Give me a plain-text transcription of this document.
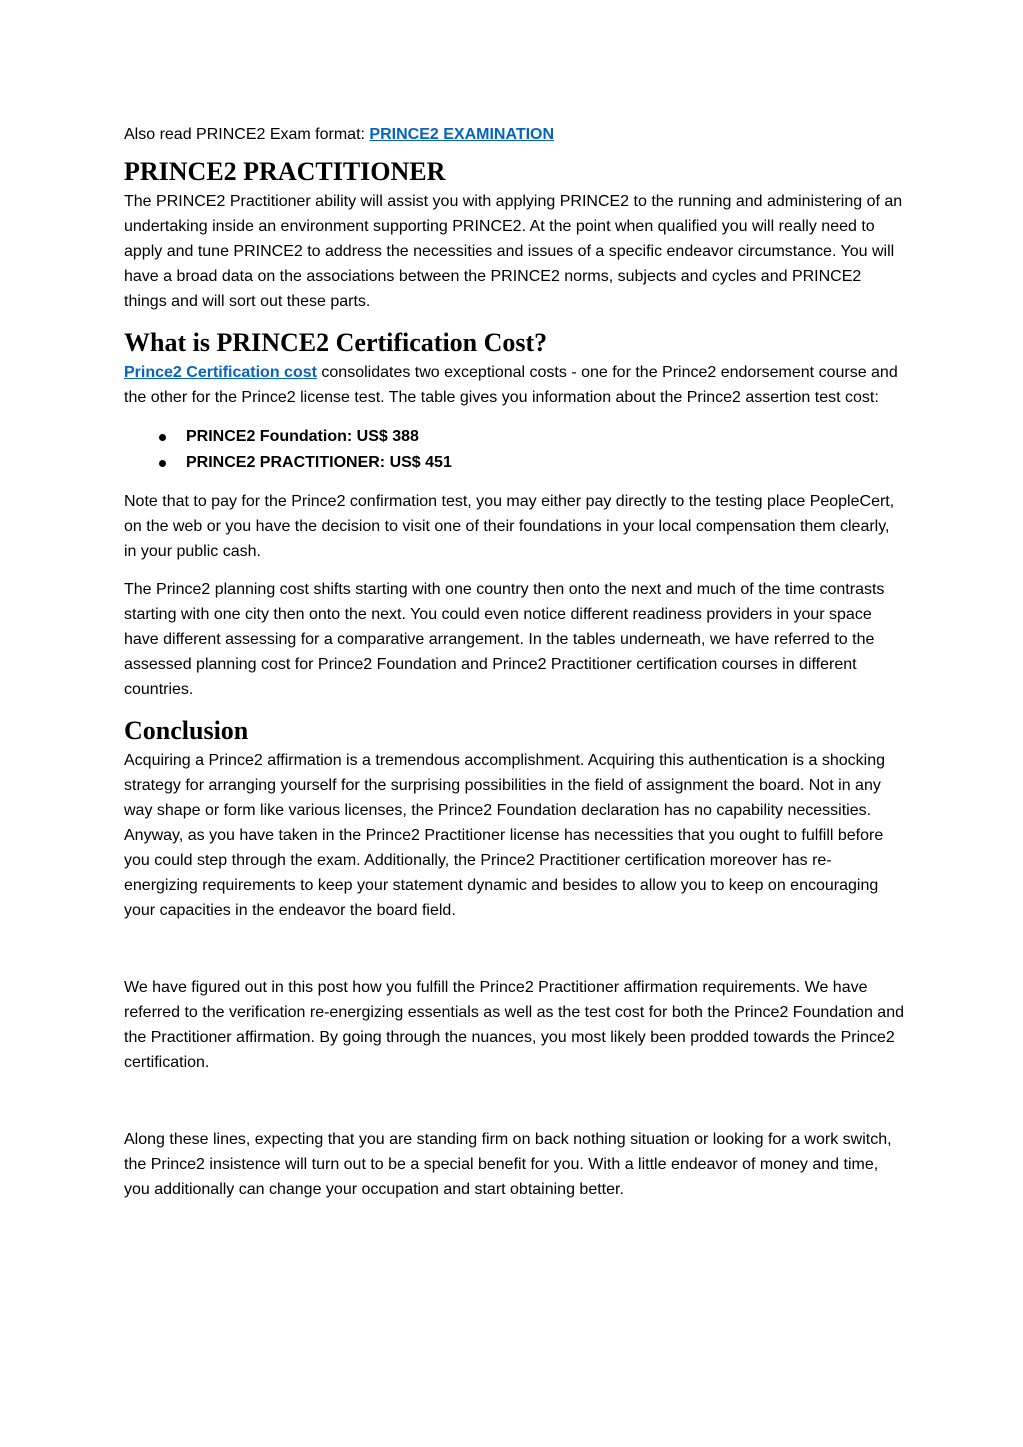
Also read PRINCE2 Exam format: PRINCE2 EXAMINATION

PRINCE2 PRACTITIONER

The PRINCE2 Practitioner ability will assist you with applying PRINCE2 to the running and administering of an undertaking inside an environment supporting PRINCE2. At the point when qualified you will really need to apply and tune PRINCE2 to address the necessities and issues of a specific endeavor circumstance. You will have a broad data on the associations between the PRINCE2 norms, subjects and cycles and PRINCE2 things and will sort out these parts.

What is PRINCE2 Certification Cost?

Prince2 Certification cost consolidates two exceptional costs - one for the Prince2 endorsement course and the other for the Prince2 license test. The table gives you information about the Prince2 assertion test cost:

PRINCE2 Foundation: US$ 388
PRINCE2 PRACTITIONER: US$ 451

Note that to pay for the Prince2 confirmation test, you may either pay directly to the testing place PeopleCert, on the web or you have the decision to visit one of their foundations in your local compensation them clearly, in your public cash.

The Prince2 planning cost shifts starting with one country then onto the next and much of the time contrasts starting with one city then onto the next. You could even notice different readiness providers in your space have different assessing for a comparative arrangement. In the tables underneath, we have referred to the assessed planning cost for Prince2 Foundation and Prince2 Practitioner certification courses in different countries.

Conclusion

Acquiring a Prince2 affirmation is a tremendous accomplishment. Acquiring this authentication is a shocking strategy for arranging yourself for the surprising possibilities in the field of assignment the board. Not in any way shape or form like various licenses, the Prince2 Foundation declaration has no capability necessities. Anyway, as you have taken in the Prince2 Practitioner license has necessities that you ought to fulfill before you could step through the exam. Additionally, the Prince2 Practitioner certification moreover has re-energizing requirements to keep your statement dynamic and besides to allow you to keep on encouraging your capacities in the endeavor the board field.

We have figured out in this post how you fulfill the Prince2 Practitioner affirmation requirements. We have referred to the verification re-energizing essentials as well as the test cost for both the Prince2 Foundation and the Practitioner affirmation. By going through the nuances, you most likely been prodded towards the Prince2 certification.

Along these lines, expecting that you are standing firm on back nothing situation or looking for a work switch, the Prince2 insistence will turn out to be a special benefit for you. With a little endeavor of money and time, you additionally can change your occupation and start obtaining better.
